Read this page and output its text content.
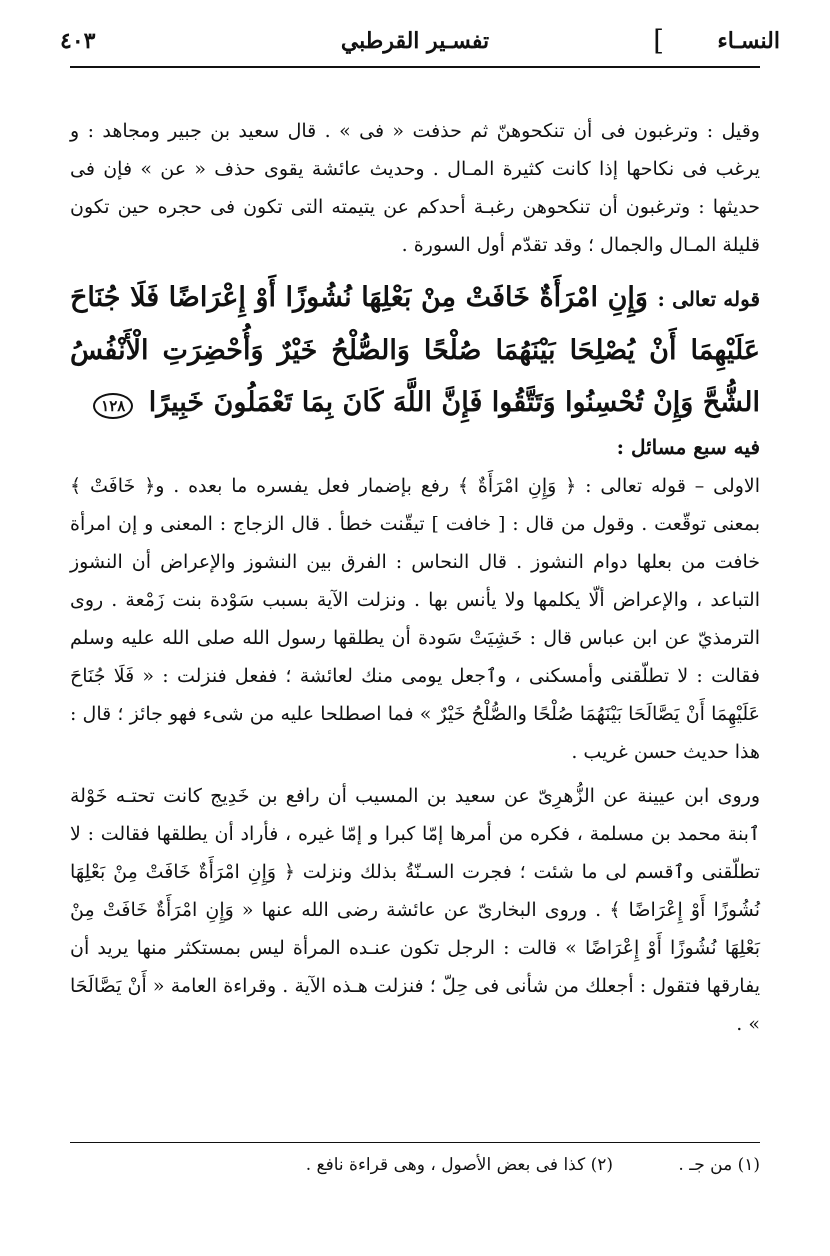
النسـاء
]
تفسـير القرطبي
٤٠٣

وقيل : وترغبون فى أن تنكحوهنّ ثم حذفت « فى » . قال سعيد بن جبير ومجاهد : و يرغب فى نكاحها إذا كانت كثيرة المـال . وحديث عائشة يقوى حذف « عن » فإن فى حديثها : وترغبون أن تنكحوهن رغبـة أحدكم عن يتيمته التى تكون فى حجره حين تكون قليلة المـال والجمال ؛ وقد تقدّم أول السورة .

قوله تعالى : وَإِنِ امْرَأَةٌ خَافَتْ مِنْ بَعْلِهَا نُشُوزًا أَوْ إِعْرَاضًا فَلَا جُنَاحَ عَلَيْهِمَا أَنْ يُصْلِحَا بَيْنَهُمَا صُلْحًا وَالصُّلْحُ خَيْرٌ وَأُحْضِرَتِ الْأَنْفُسُ الشُّحَّ وَإِنْ تُحْسِنُوا وَتَتَّقُوا فَإِنَّ اللَّهَ كَانَ بِمَا تَعْمَلُونَ خَبِيرًا ١٢٨
فيه سبع مسائل :

الاولى – قوله تعالى : ﴿ وَإِنِ امْرَأَةٌ ﴾ رفع بإضمار فعل يفسره ما بعده . و﴿ خَافَتْ ﴾ بمعنى توقّعت . وقول من قال : [ خافت ] تيقّنت خطأ . قال الزجاج : المعنى و إن امرأة خافت من بعلها دوام النشوز . قال النحاس : الفرق بين النشوز والإعراض أن النشوز التباعد ، والإعراض ألّا يكلمها ولا يأنس بها . ونزلت الآية بسبب سَوْدة بنت زَمْعة . روى الترمذيّ عن ابن عباس قال : خَشِيَتْ سَودة أن يطلقها رسول الله صلى الله عليه وسلم فقالت : لا تطلّقنى وأمسكنى ، وٱجعل يومى منك لعائشة ؛ ففعل فنزلت : « فَلَا جُنَاحَ عَلَيْهِمَا أَنْ يَصَّالَحَا بَيْنَهُمَا صُلْحًا والصُّلْحُ خَيْرٌ » فما اصطلحا عليه من شىء فهو جائز ؛ قال : هذا حديث حسن غريب .

وروى ابن عيينة عن الزُّهرِىّ عن سعيد بن المسيب أن رافع بن خَدِيج كانت تحتـه خَوْلة ٱبنة محمد بن مسلمة ، فكره من أمرها إمّا كبرا و إمّا غيره ، فأراد أن يطلقها فقالت : لا تطلّقنى وٱقسم لى ما شئت ؛ فجرت السـنّةُ بذلك ونزلت ﴿ وَإِنِ امْرَأَةٌ خَافَتْ مِنْ بَعْلِهَا نُشُوزًا أَوْ إِعْرَاضًا ﴾ . وروى البخارىّ عن عائشة رضى الله عنها « وَإِنِ امْرَأَةٌ خَافَتْ مِنْ بَعْلِهَا نُشُوزًا أَوْ إِعْرَاضًا » قالت : الرجل تكون عنـده المرأة ليس بمستكثر منها يريد أن يفارقها فتقول : أجعلك من شأنى فى حِلّ ؛ فنزلت هـذه الآية . وقراءة العامة « أَنْ يَصَّالَحَا » .

(١) من جـ . (٢) كذا فى بعض الأصول ، وهى قراءة نافع .
